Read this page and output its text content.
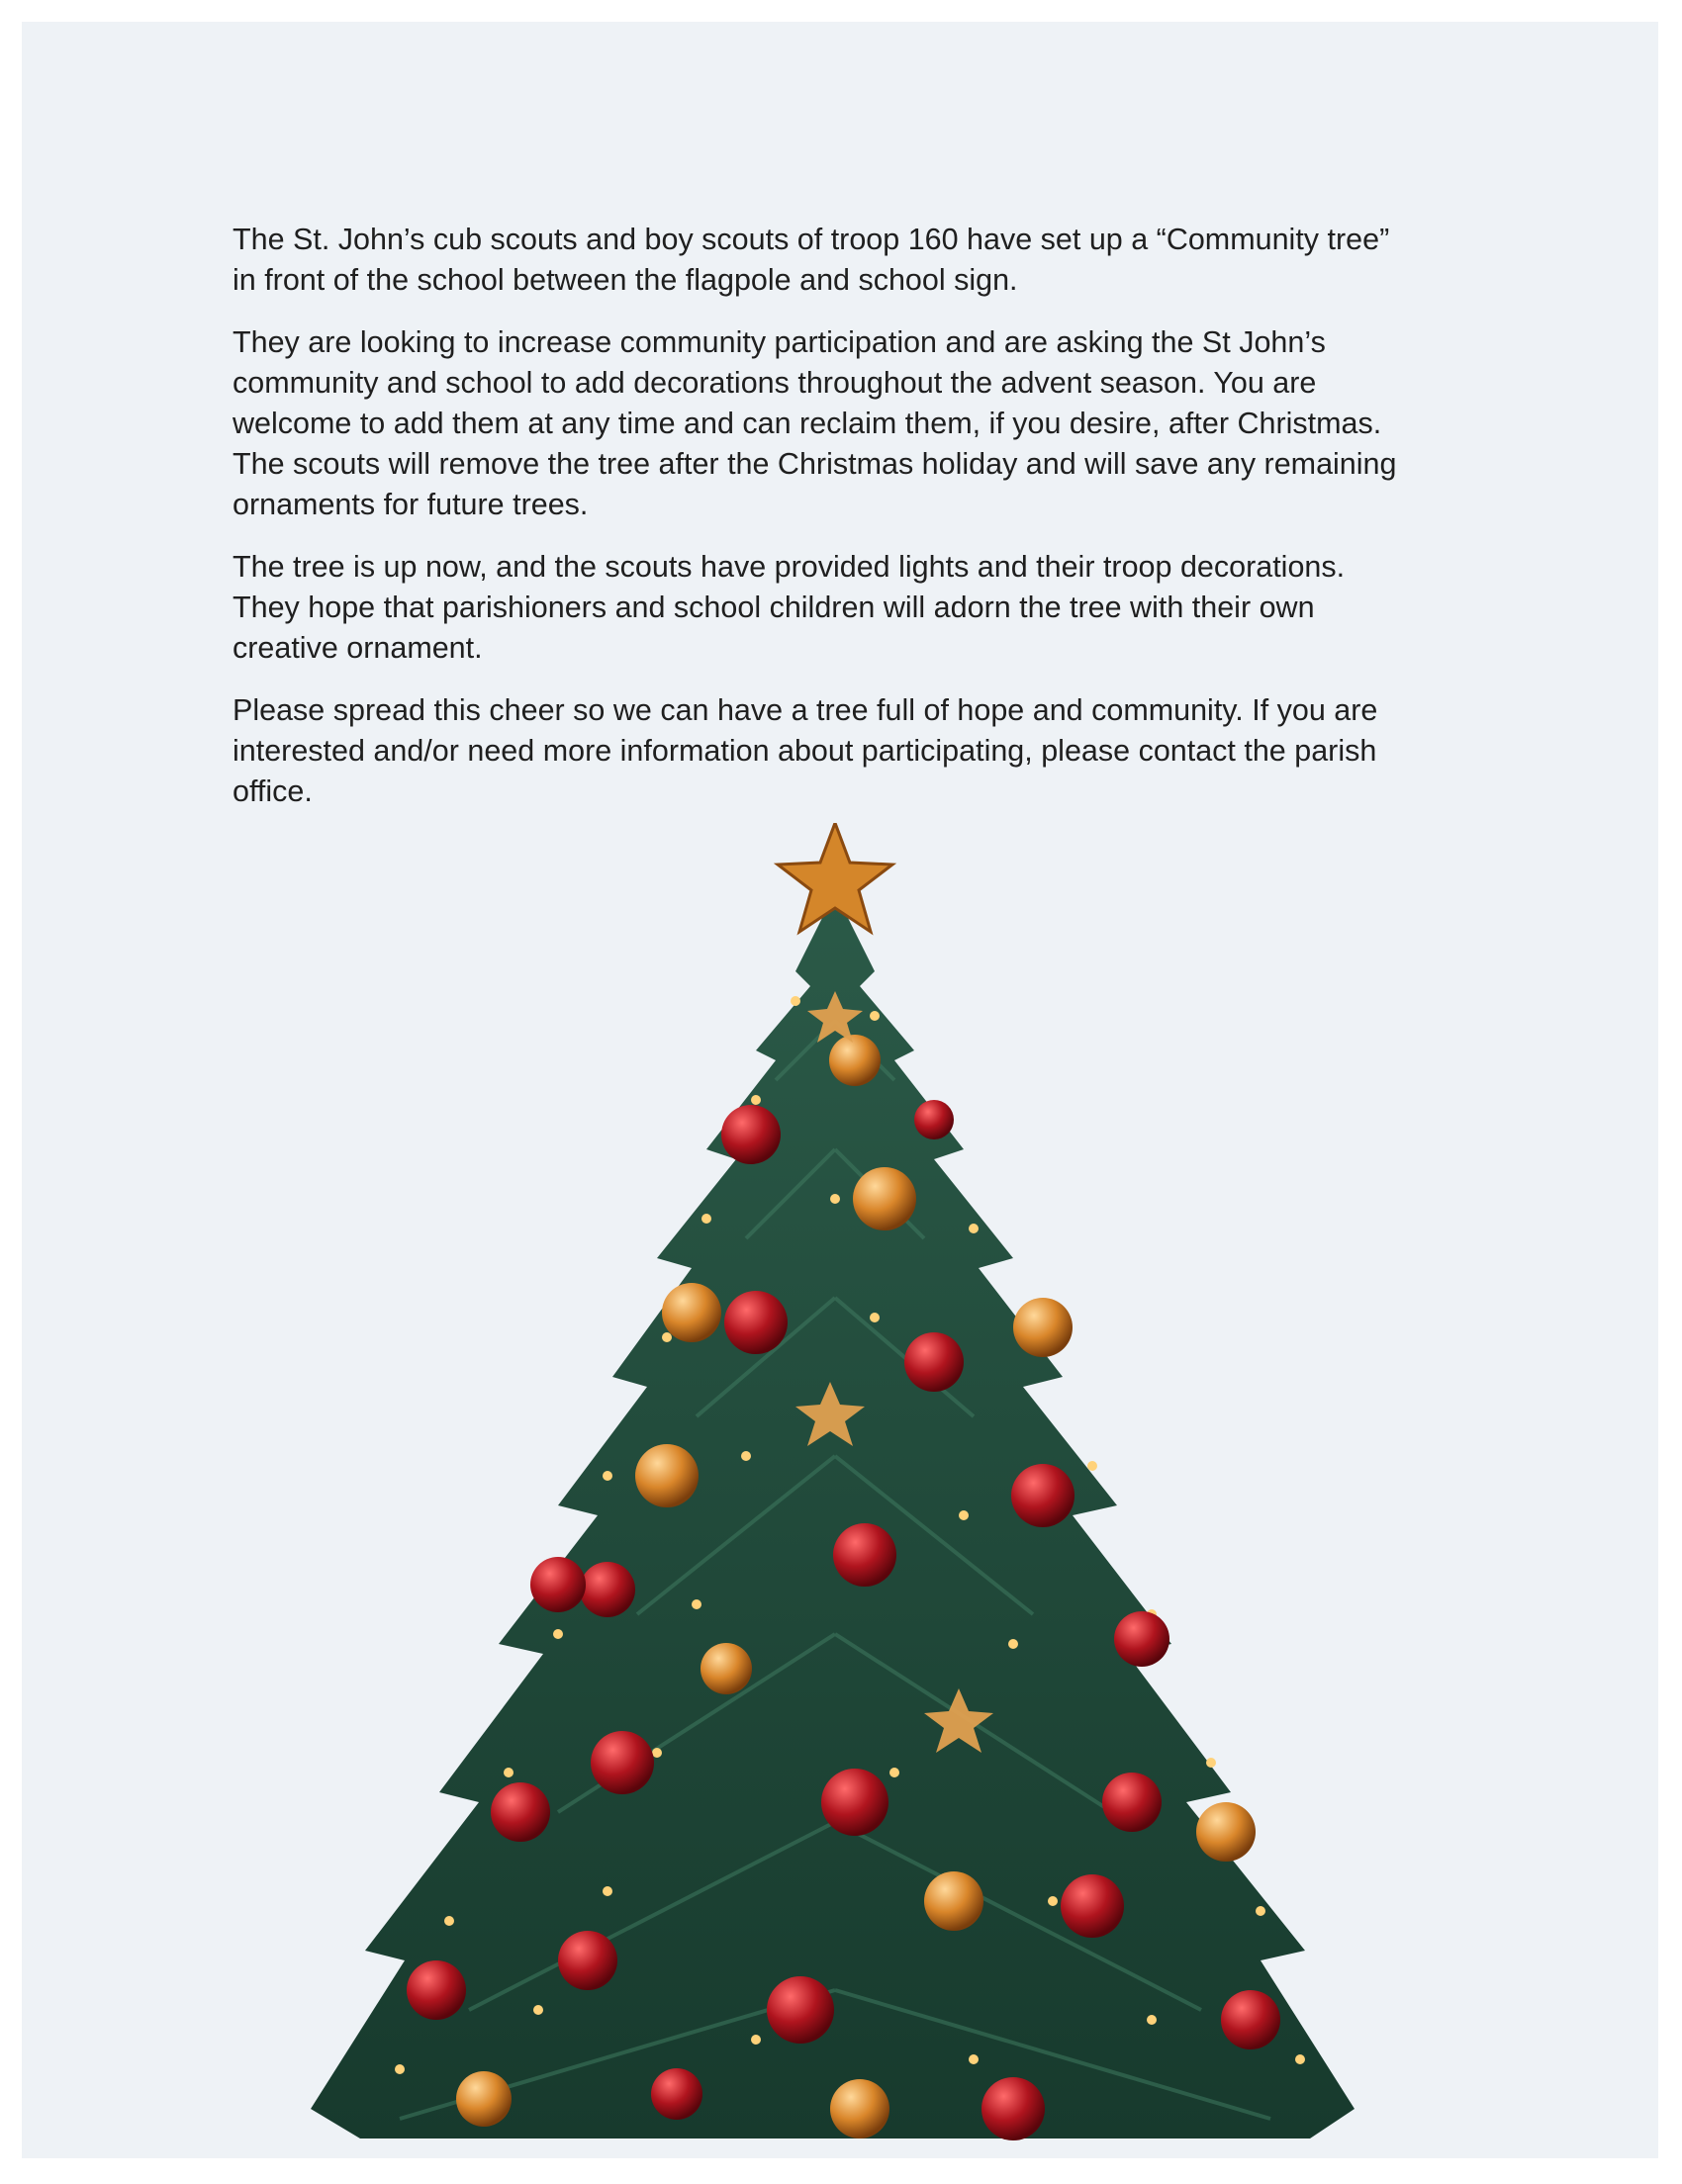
The St. John’s cub scouts and boy scouts of troop 160 have set up a “Community tree”
in front of the school between the flagpole and school sign.

They are looking to increase community participation and are asking the St John’s
community and school to add decorations throughout the advent season. You are
welcome to add them at any time and can reclaim them, if you desire, after Christmas.
The scouts will remove the tree after the Christmas holiday and will save any remaining
ornaments for future trees.

The tree is up now, and the scouts have provided lights and their troop decorations.
They hope that parishioners and school children will adorn the tree with their own
creative ornament.

Please spread this cheer so we can have a tree full of hope and community. If you are
interested and/or need more information about participating, please contact the parish
office.
